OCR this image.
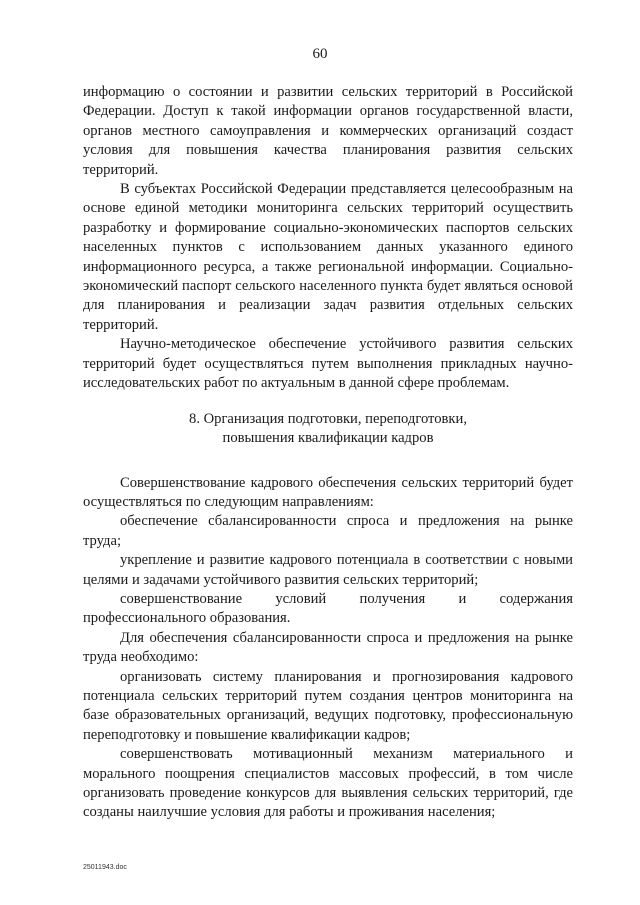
60

информацию о состоянии и развитии сельских территорий в Российской Федерации. Доступ к такой информации органов государственной власти, органов местного самоуправления и коммерческих организаций создаст условия для повышения качества планирования развития сельских территорий.

В субъектах Российской Федерации представляется целесообразным на основе единой методики мониторинга сельских территорий осуществить разработку и формирование социально-экономических паспортов сельских населенных пунктов с использованием данных указанного единого информационного ресурса, а также региональной информации. Социально-экономический паспорт сельского населенного пункта будет являться основой для планирования и реализации задач развития отдельных сельских территорий.

Научно-методическое обеспечение устойчивого развития сельских территорий будет осуществляться путем выполнения прикладных научно-исследовательских работ по актуальным в данной сфере проблемам.

8. Организация подготовки, переподготовки,
повышения квалификации кадров

Совершенствование кадрового обеспечения сельских территорий будет осуществляться по следующим направлениям:

обеспечение сбалансированности спроса и предложения на рынке труда;

укрепление и развитие кадрового потенциала в соответствии с новыми целями и задачами устойчивого развития сельских территорий;

совершенствование условий получения и содержания профессионального образования.

Для обеспечения сбалансированности спроса и предложения на рынке труда необходимо:

организовать систему планирования и прогнозирования кадрового потенциала сельских территорий путем создания центров мониторинга на базе образовательных организаций, ведущих подготовку, профессиональную переподготовку и повышение квалификации кадров;

совершенствовать мотивационный механизм материального и морального поощрения специалистов массовых профессий, в том числе организовать проведение конкурсов для выявления сельских территорий, где созданы наилучшие условия для работы и проживания населения;

25011943.doc
